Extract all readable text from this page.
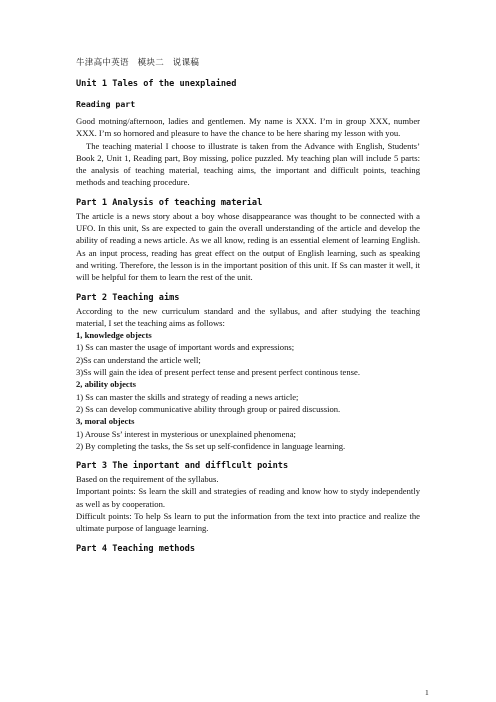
牛津高中英语　模块二　说课稿
Unit 1 Tales of the unexplained
Reading part

Good motning/afternoon, ladies and gentlemen. My name is XXX. I’m in group XXX, number XXX. I’m so hornored and pleasure to have the chance to be here sharing my lesson with you.

The teaching material I choose to illustrate is taken from the Advance with English, Students’ Book 2, Unit 1, Reading part, Boy missing, police puzzled. My teaching plan will include 5 parts: the analysis of teaching material, teaching aims, the important and difficult points, teaching methods and teaching procedure.

Part 1 Analysis of teaching material

The article is a news story about a boy whose disappearance was thought to be connected with a UFO. In this unit, Ss are expected to gain the overall understanding of the article and develop the ability of reading a news article. As we all know, reding is an essential element of learning English. As an input process, reading has great effect on the output of English learning, such as speaking and writing. Therefore, the lesson is in the important position of this unit. If Ss can master it well, it will be helpful for them to learn the rest of the unit.

Part 2 Teaching aims

According to the new curriculum standard and the syllabus, and after studying the teaching material, I set the teaching aims as follows:

1, knowledge objects
1) Ss can master the usage of important words and expressions;
2)Ss can understand the article well;
3)Ss will gain the idea of present perfect tense and present perfect continous tense.
2, ability objects
1) Ss can master the skills and strategy of reading a news article;
2) Ss can develop communicative ability through group or paired discussion.
3, moral objects
1) Arouse Ss’ interest in mysterious or unexplained phenomena;
2) By completing the tasks, the Ss set up self-confidence in language learning.
Part 3 The inportant and difflcult points
Based on the requirement of the syllabus.

Important points: Ss learn the skill and strategies of reading and know how to stydy independently as well as by cooperation.

Difficult points: To help Ss learn to put the information from the text into practice and realize the ultimate purpose of language learning.

Part 4 Teaching methods
1
